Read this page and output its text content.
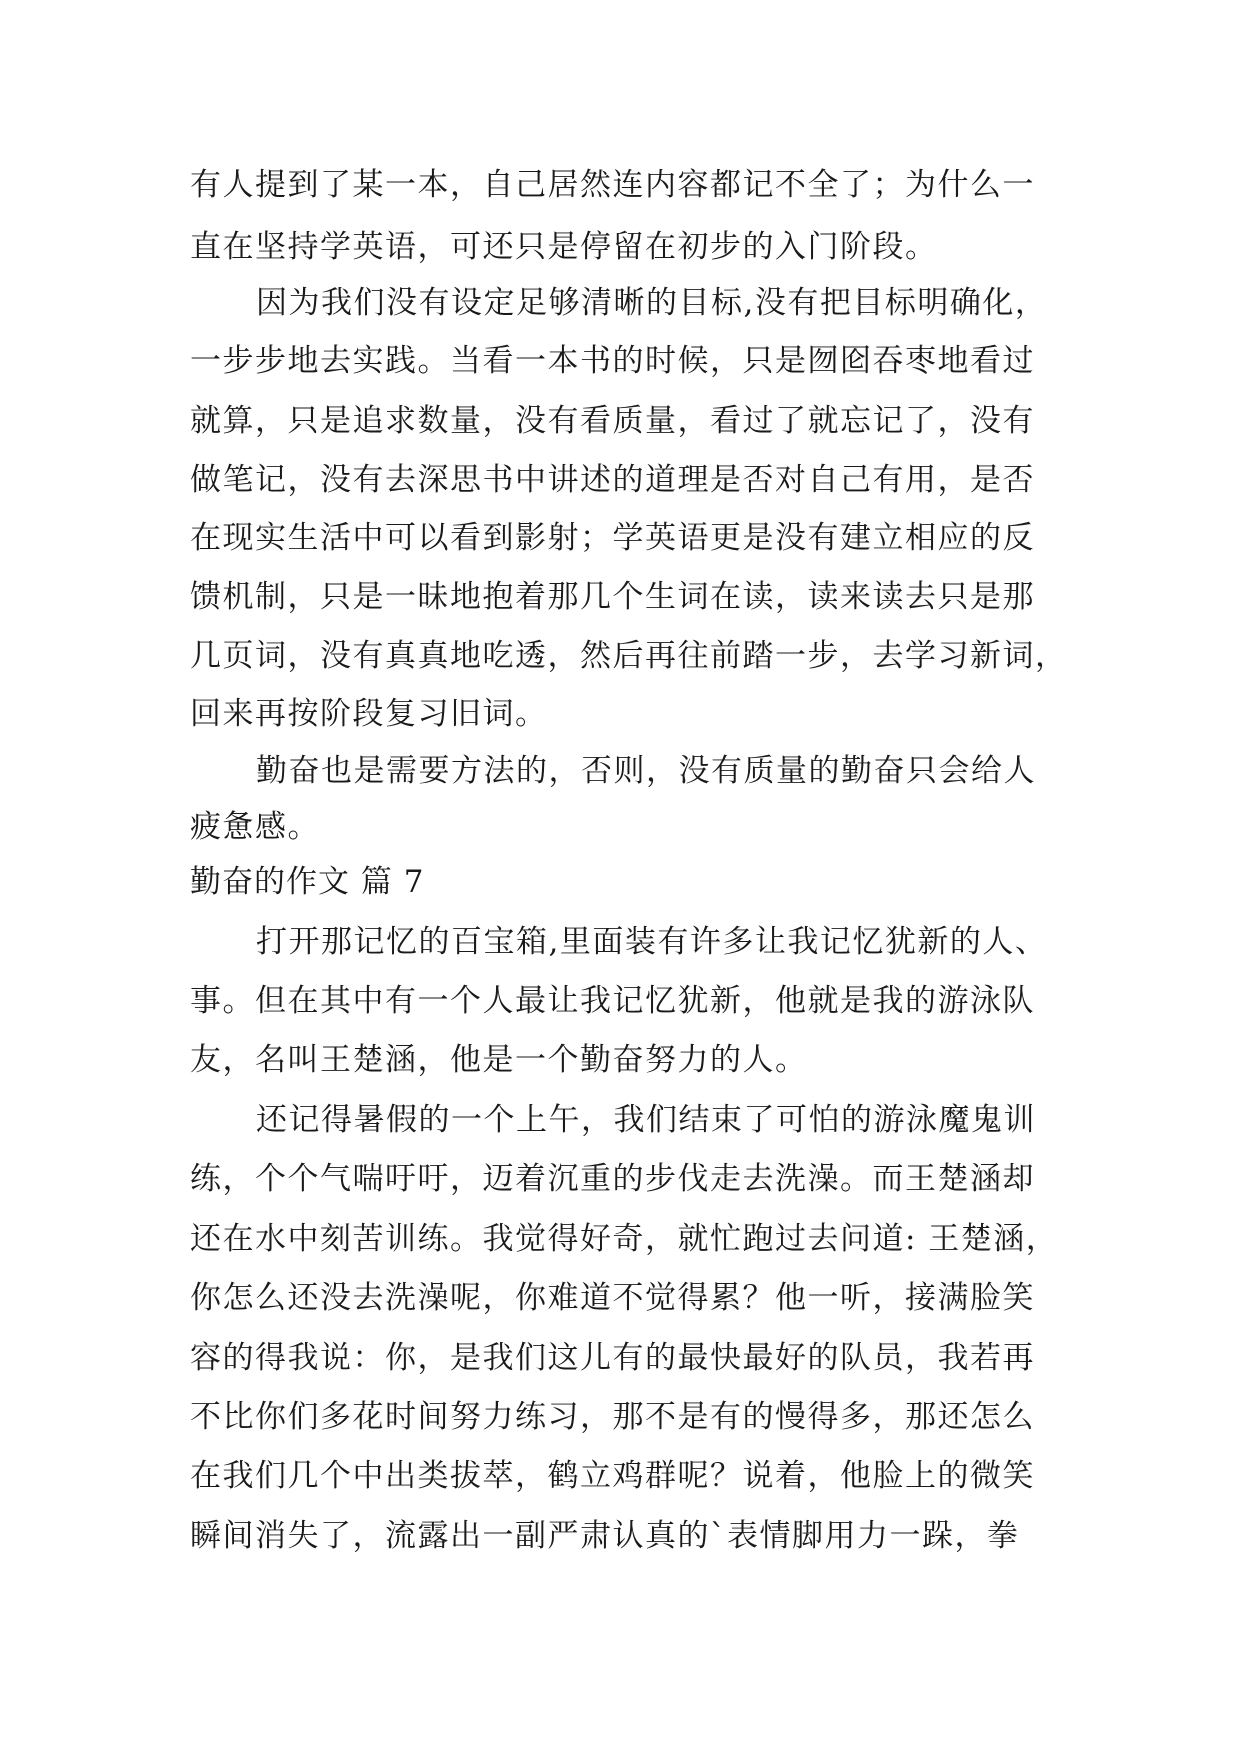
有人提到了某一本，自己居然连内容都记不全了；为什么一
直在坚持学英语，可还只是停留在初步的入门阶段。
因为我们没有设定足够清晰的目标,没有把目标明确化，
一步步地去实践。当看一本书的时候，只是囫囵吞枣地看过
就算，只是追求数量，没有看质量，看过了就忘记了，没有
做笔记，没有去深思书中讲述的道理是否对自己有用，是否
在现实生活中可以看到影射；学英语更是没有建立相应的反
馈机制，只是一昧地抱着那几个生词在读，读来读去只是那
几页词，没有真真地吃透，然后再往前踏一步，去学习新词，
回来再按阶段复习旧词。
勤奋也是需要方法的，否则，没有质量的勤奋只会给人
疲惫感。
勤奋的作文 篇 7
打开那记忆的百宝箱,里面装有许多让我记忆犹新的人、
事。但在其中有一个人最让我记忆犹新，他就是我的游泳队
友，名叫王楚涵，他是一个勤奋努力的人。
还记得暑假的一个上午，我们结束了可怕的游泳魔鬼训
练，个个气喘吁吁，迈着沉重的步伐走去洗澡。而王楚涵却
还在水中刻苦训练。我觉得好奇，就忙跑过去问道: 王楚涵，
你怎么还没去洗澡呢，你难道不觉得累？他一听，接满脸笑
容的得我说：你，是我们这儿有的最快最好的队员，我若再
不比你们多花时间努力练习，那不是有的慢得多，那还怎么
在我们几个中出类拔萃，鹤立鸡群呢？说着，他脸上的微笑
瞬间消失了，流露出一副严肃认真的`表情脚用力一跺，拳
